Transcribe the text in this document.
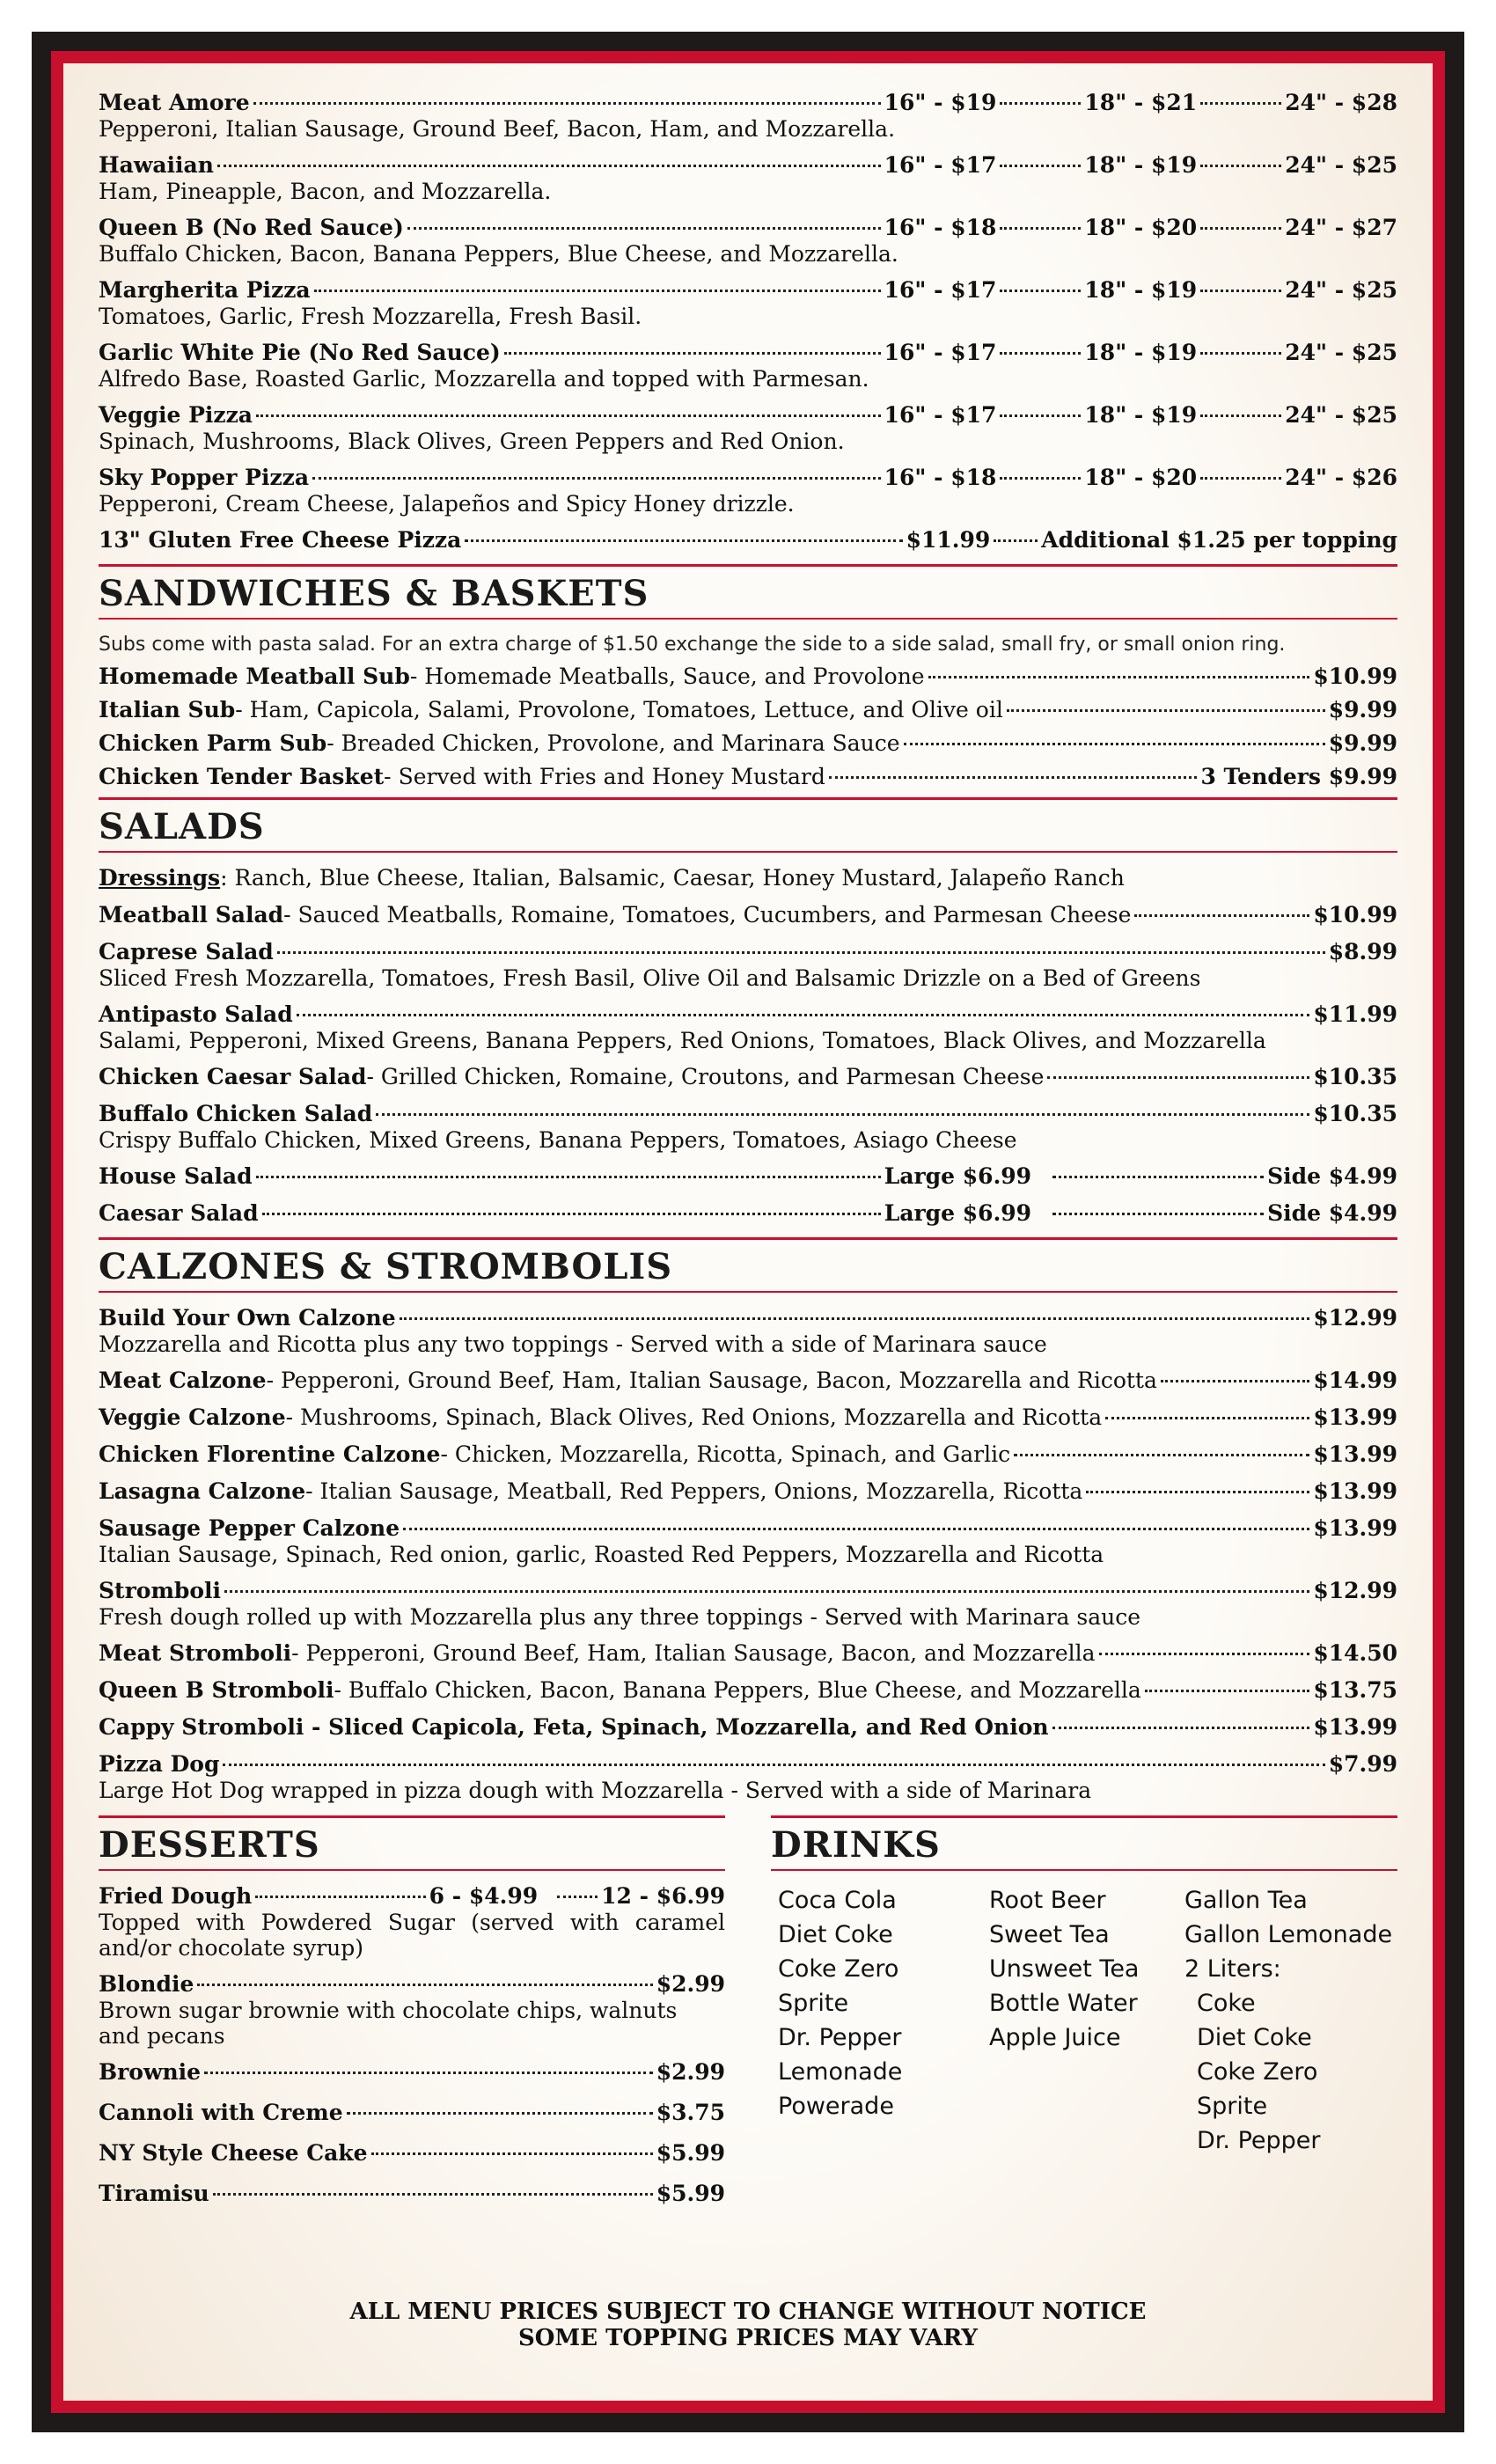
Meat Amore	16" - $19	18" - $21	24" - $28
Pepperoni, Italian Sausage, Ground Beef, Bacon, Ham, and Mozzarella.
Hawaiian	16" - $17	18" - $19	24" - $25
Ham, Pineapple, Bacon, and Mozzarella.
Queen B (No Red Sauce)	16" - $18	18" - $20	24" - $27
Buffalo Chicken, Bacon, Banana Peppers, Blue Cheese, and Mozzarella.
Margherita Pizza	16" - $17	18" - $19	24" - $25
Tomatoes, Garlic, Fresh Mozzarella, Fresh Basil.
Garlic White Pie (No Red Sauce)	16" - $17	18" - $19	24" - $25
Alfredo Base, Roasted Garlic, Mozzarella and topped with Parmesan.
Veggie Pizza	16" - $17	18" - $19	24" - $25
Spinach, Mushrooms, Black Olives, Green Peppers and Red Onion.
Sky Popper Pizza	16" - $18	18" - $20	24" - $26
Pepperoni, Cream Cheese, Jalapeños and Spicy Honey drizzle.
13" Gluten Free Cheese Pizza	$11.99 Additional $1.25 per topping
SANDWICHES & BASKETS
Subs come with pasta salad. For an extra charge of $1.50 exchange the side to a side salad, small fry, or small onion ring.
Homemade Meatball Sub - Homemade Meatballs, Sauce, and Provolone	$10.99
Italian Sub - Ham, Capicola, Salami, Provolone, Tomatoes, Lettuce, and Olive oil	$9.99
Chicken Parm Sub - Breaded Chicken, Provolone, and Marinara Sauce	$9.99
Chicken Tender Basket - Served with Fries and Honey Mustard	3 Tenders $9.99
SALADS
Dressings: Ranch, Blue Cheese, Italian, Balsamic, Caesar, Honey Mustard, Jalapeño Ranch
Meatball Salad - Sauced Meatballs, Romaine, Tomatoes, Cucumbers, and Parmesan Cheese	$10.99
Caprese Salad	$8.99
Sliced Fresh Mozzarella, Tomatoes, Fresh Basil, Olive Oil and Balsamic Drizzle on a Bed of Greens
Antipasto Salad	$11.99
Salami, Pepperoni, Mixed Greens, Banana Peppers, Red Onions, Tomatoes, Black Olives, and Mozzarella
Chicken Caesar Salad - Grilled Chicken, Romaine, Croutons, and Parmesan Cheese	$10.35
Buffalo Chicken Salad	$10.35
Crispy Buffalo Chicken, Mixed Greens, Banana Peppers, Tomatoes, Asiago Cheese
House Salad	Large $6.99	Side $4.99
Caesar Salad	Large $6.99	Side $4.99
CALZONES & STROMBOLIS
Build Your Own Calzone	$12.99
Mozzarella and Ricotta plus any two toppings - Served with a side of Marinara sauce
Meat Calzone - Pepperoni, Ground Beef, Ham, Italian Sausage, Bacon, Mozzarella and Ricotta	$14.99
Veggie Calzone - Mushrooms, Spinach, Black Olives, Red Onions, Mozzarella and Ricotta	$13.99
Chicken Florentine Calzone - Chicken, Mozzarella, Ricotta, Spinach, and Garlic	$13.99
Lasagna Calzone - Italian Sausage, Meatball, Red Peppers, Onions, Mozzarella, Ricotta	$13.99
Sausage Pepper Calzone	$13.99
Italian Sausage, Spinach, Red onion, garlic, Roasted Red Peppers, Mozzarella and Ricotta
Stromboli	$12.99
Fresh dough rolled up with Mozzarella plus any three toppings - Served with Marinara sauce
Meat Stromboli - Pepperoni, Ground Beef, Ham, Italian Sausage, Bacon, and Mozzarella	$14.50
Queen B Stromboli - Buffalo Chicken, Bacon, Banana Peppers, Blue Cheese, and Mozzarella	$13.75
Cappy Stromboli - Sliced Capicola, Feta, Spinach, Mozzarella, and Red Onion	$13.99
Pizza Dog	$7.99
Large Hot Dog wrapped in pizza dough with Mozzarella - Served with a side of Marinara
DESSERTS
Fried Dough	6 - $4.99	12 - $6.99
Topped with Powdered Sugar (served with caramel and/or chocolate syrup)
Blondie	$2.99
Brown sugar brownie with chocolate chips, walnuts and pecans
Brownie	$2.99
Cannoli with Creme	$3.75
NY Style Cheese Cake	$5.99
Tiramisu	$5.99
DRINKS
Coca Cola
Diet Coke
Coke Zero
Sprite
Dr. Pepper
Lemonade
Powerade
Root Beer
Sweet Tea
Unsweet Tea
Bottle Water
Apple Juice
Gallon Tea
Gallon Lemonade
2 Liters:
Coke
Diet Coke
Coke Zero
Sprite
Dr. Pepper
ALL MENU PRICES SUBJECT TO CHANGE WITHOUT NOTICE
SOME TOPPING PRICES MAY VARY
